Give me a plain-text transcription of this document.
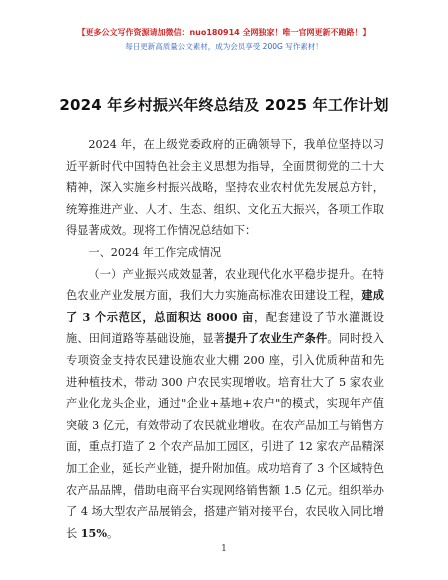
【更多公文写作资源请加微信：nuo180914 全网独家！唯一官网更新不跑路！】
每日更新高质量公文素材，成为会员享受 200G 写作素材！
2024 年乡村振兴年终总结及 2025 年工作计划

2024 年，在上级党委政府的正确领导下，我单位坚持以习近平新时代中国特色社会主义思想为指导，全面贯彻党的二十大精神，深入实施乡村振兴战略，坚持农业农村优先发展总方针，统筹推进产业、人才、生态、组织、文化五大振兴，各项工作取得显著成效。现将工作情况总结如下：

一、2024 年工作完成情况

（一）产业振兴成效显著，农业现代化水平稳步提升。在特色农业产业发展方面，我们大力实施高标准农田建设工程，建成了 3 个示范区，总面积达 8000 亩，配套建设了节水灌溉设施、田间道路等基础设施，显著提升了农业生产条件。同时投入专项资金支持农民建设施农业大棚 200 座，引入优质种苗和先进种植技术，带动 300 户农民实现增收。培育壮大了 5 家农业产业化龙头企业，通过"企业+基地+农户"的模式，实现年产值突破 3 亿元，有效带动了农民就业增收。在农产品加工与销售方面，重点打造了 2 个农产品加工园区，引进了 12 家农产品精深加工企业，延长产业链，提升附加值。成功培育了 3 个区域特色农产品品牌，借助电商平台实现网络销售额 1.5 亿元。组织举办了 4 场大型农产品展销会，搭建产销对接平台，农民收入同比增长 15%。

1
